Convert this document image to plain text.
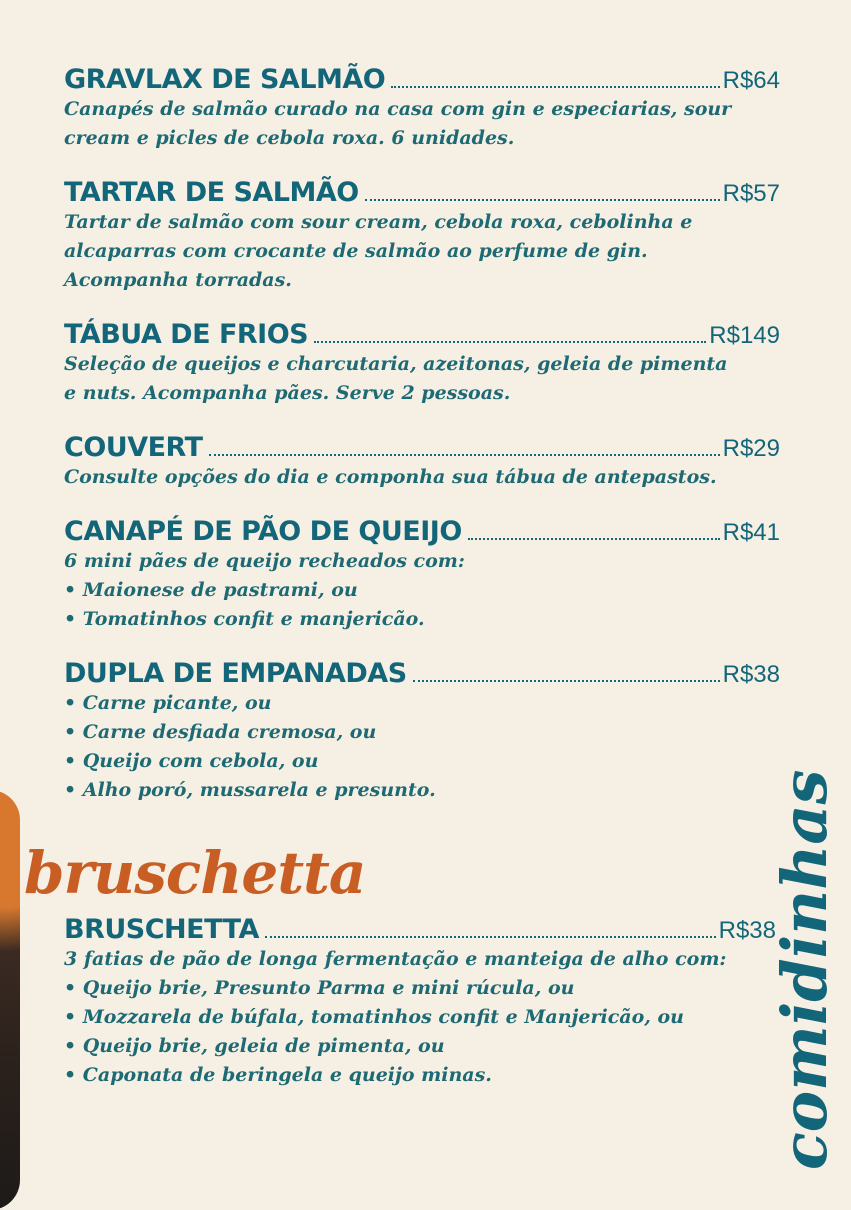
GRAVLAX DE SALMÃO	R$64
Canapés de salmão curado na casa com gin e especiarias, sour
cream e picles de cebola roxa. 6 unidades.
TARTAR DE SALMÃO	R$57
Tartar de salmão com sour cream, cebola roxa, cebolinha e
alcaparras com crocante de salmão ao perfume de gin.
Acompanha torradas.
TÁBUA DE FRIOS	R$149
Seleção de queijos e charcutaria, azeitonas, geleia de pimenta
e nuts. Acompanha pães. Serve 2 pessoas.
COUVERT	R$29
Consulte opções do dia e componha sua tábua de antepastos.
CANAPÉ DE PÃO DE QUEIJO	R$41
6 mini pães de queijo recheados com:
• Maionese de pastrami, ou
• Tomatinhos confit e manjericão.
DUPLA DE EMPANADAS	R$38
• Carne picante, ou
• Carne desfiada cremosa, ou
• Queijo com cebola, ou
• Alho poró, mussarela e presunto.
bruschetta
BRUSCHETTA	R$38
3 fatias de pão de longa fermentação e manteiga de alho com:
• Queijo brie, Presunto Parma e mini rúcula, ou
• Mozzarela de búfala, tomatinhos confit e Manjericão, ou
• Queijo brie, geleia de pimenta, ou
• Caponata de beringela e queijo minas.	comidinhas
